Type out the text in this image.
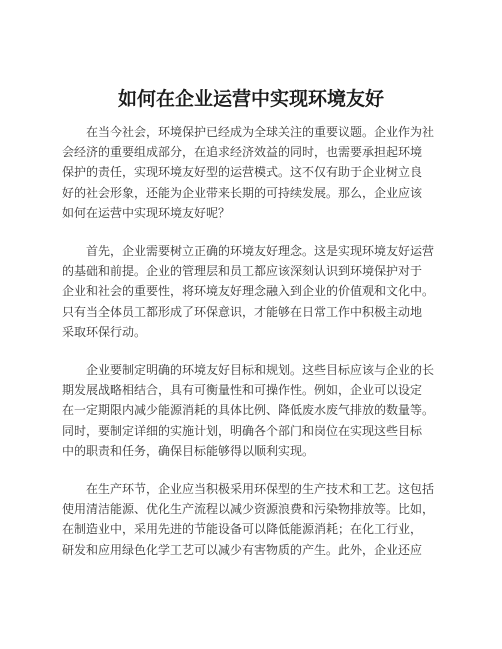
如何在企业运营中实现环境友好

在当今社会，环境保护已经成为全球关注的重要议题。企业作为社
会经济的重要组成部分，在追求经济效益的同时，也需要承担起环境
保护的责任，实现环境友好型的运营模式。这不仅有助于企业树立良
好的社会形象，还能为企业带来长期的可持续发展。那么，企业应该
如何在运营中实现环境友好呢？

首先，企业需要树立正确的环境友好理念。这是实现环境友好运营
的基础和前提。企业的管理层和员工都应该深刻认识到环境保护对于
企业和社会的重要性，将环境友好理念融入到企业的价值观和文化中。
只有当全体员工都形成了环保意识，才能够在日常工作中积极主动地
采取环保行动。

企业要制定明确的环境友好目标和规划。这些目标应该与企业的长
期发展战略相结合，具有可衡量性和可操作性。例如，企业可以设定
在一定期限内减少能源消耗的具体比例、降低废水废气排放的数量等。
同时，要制定详细的实施计划，明确各个部门和岗位在实现这些目标
中的职责和任务，确保目标能够得以顺利实现。

在生产环节，企业应当积极采用环保型的生产技术和工艺。这包括
使用清洁能源、优化生产流程以减少资源浪费和污染物排放等。比如，
在制造业中，采用先进的节能设备可以降低能源消耗；在化工行业，
研发和应用绿色化学工艺可以减少有害物质的产生。此外，企业还应
